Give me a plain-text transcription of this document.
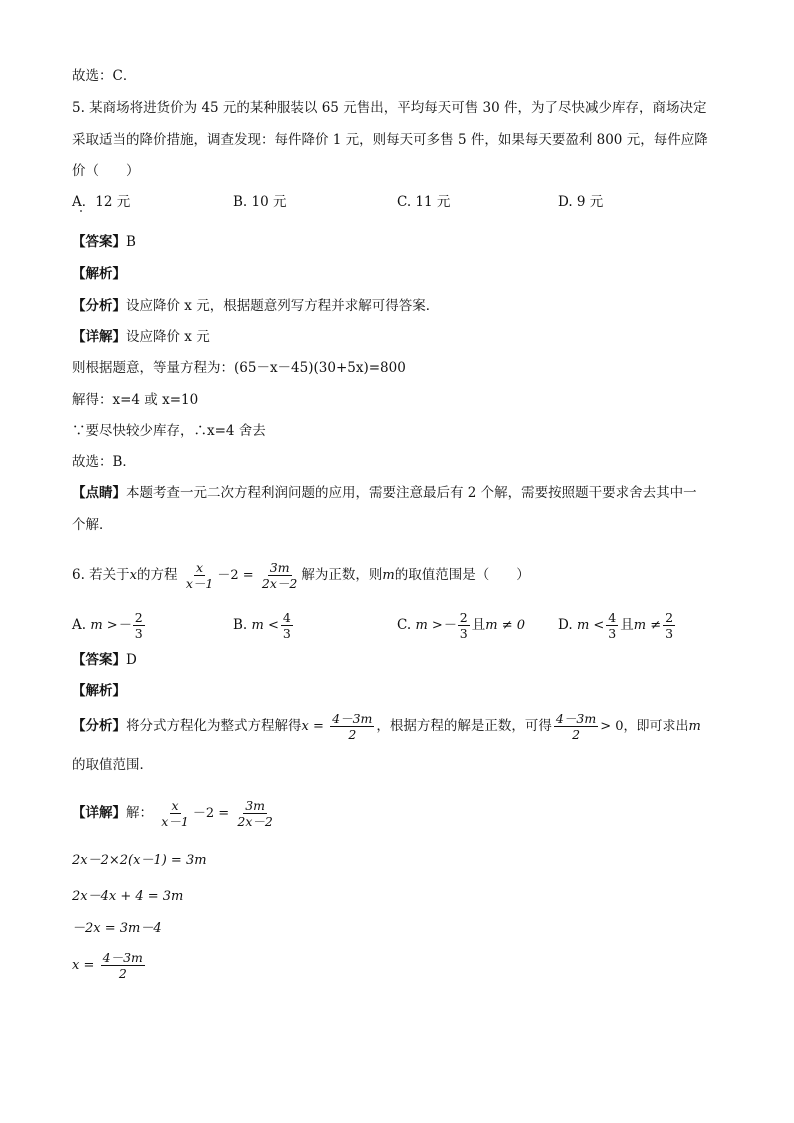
故选：C．
5. 某商场将进货价为 45 元的某种服装以 65 元售出，平均每天可售 30 件，为了尽快减少库存，商场决定
采取适当的降价措施，调查发现：每件降价 1 元，则每天可多售 5 件，如果每天要盈利 800 元，每件应降
价（　　）
A．12 元	B. 10 元	C. 11 元	D. 9 元
【答案】B
【解析】
【分析】设应降价 x 元，根据题意列写方程并求解可得答案．
【详解】设应降价 x 元
则根据题意，等量方程为：(65－x－45)(30+5x)=800
解得：x=4 或 x=10
∵要尽快较少库存，∴x=4 舍去
故选：B．
【点睛】本题考查一元二次方程利润问题的应用，需要注意最后有 2 个解，需要按照题干要求舍去其中一
个解．
6. 若关于x的方程 $\frac{x}{x-1} -2 = \frac{3m}{2x-2}$ 解为正数，则m的取值范围是（　　）
A. $m >- \frac{2}{3}$	B. $m < \frac{4}{3}$	C. $m >- \frac{2}{3}$ 且m ≠ 0 D. $m < \frac{4}{3}$ 且$m \ne \frac{2}{3}$
【答案】D
【解析】
【分析】将分式方程化为整式方程解得$x = \frac{4-3m}{2}$ ，根据方程的解是正数，可得 $\frac{4-3m}{2} > 0$，即可求出m
的取值范围．
【详解】解： $\frac{x}{x-1} -2 = \frac{3m}{2x-2}$
2x－2×2(x－1) = 3m
2x－4x + 4 = 3m
－2x = 3m－4
$x = \frac{4-3m}{2}$
